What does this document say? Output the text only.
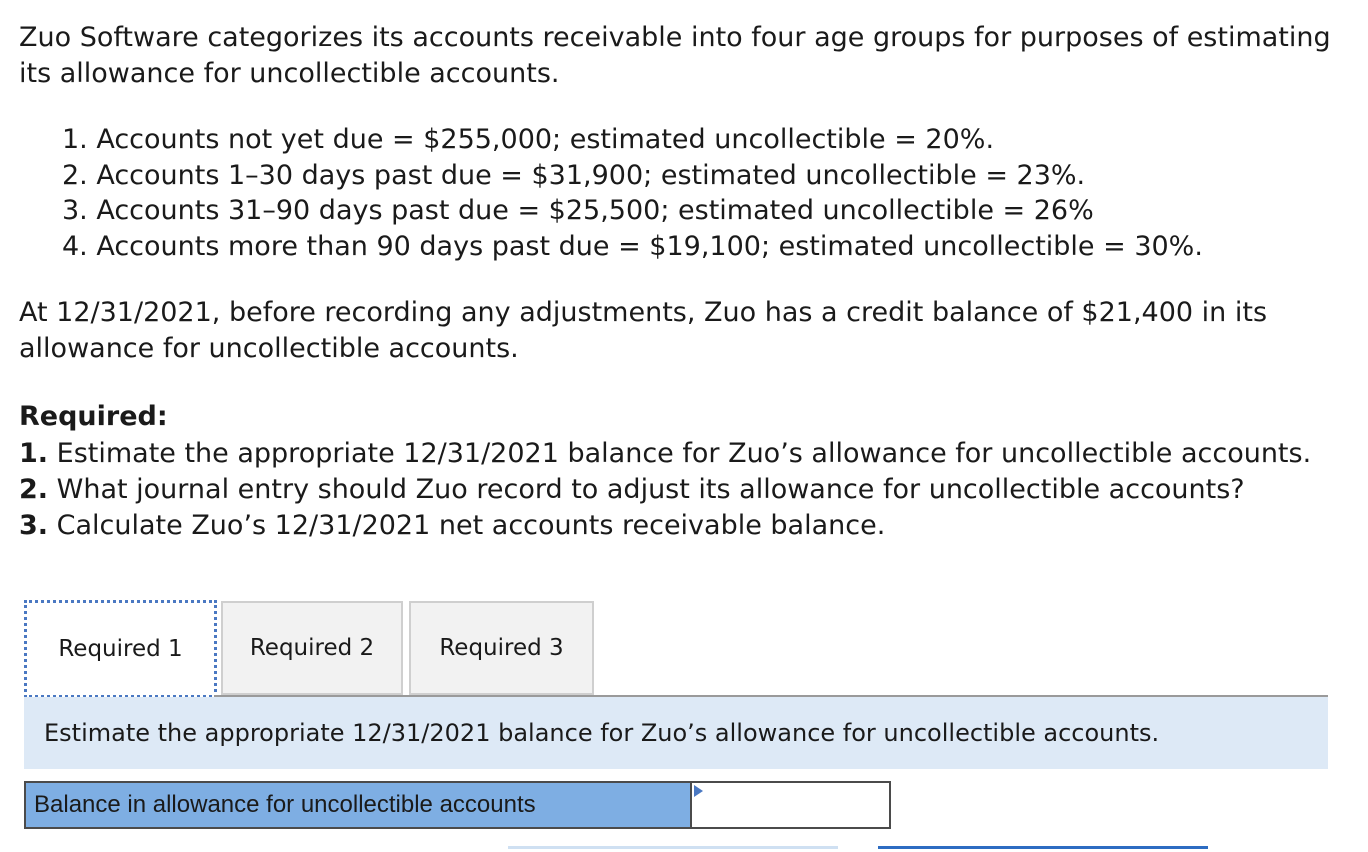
Zuo Software categorizes its accounts receivable into four age groups for purposes of estimating its allowance for uncollectible accounts.

1. Accounts not yet due = $255,000; estimated uncollectible = 20%.
2. Accounts 1–30 days past due = $31,900; estimated uncollectible = 23%.
3. Accounts 31–90 days past due = $25,500; estimated uncollectible = 26%
4. Accounts more than 90 days past due = $19,100; estimated uncollectible = 30%.

At 12/31/2021, before recording any adjustments, Zuo has a credit balance of $21,400 in its allowance for uncollectible accounts.

Required:

1. Estimate the appropriate 12/31/2021 balance for Zuo’s allowance for uncollectible accounts.
2. What journal entry should Zuo record to adjust its allowance for uncollectible accounts?
3. Calculate Zuo’s 12/31/2021 net accounts receivable balance.
Required 1	Required 2	Required 3
Estimate the appropriate 12/31/2021 balance for Zuo’s allowance for uncollectible accounts.
Balance in allowance for uncollectible accounts
